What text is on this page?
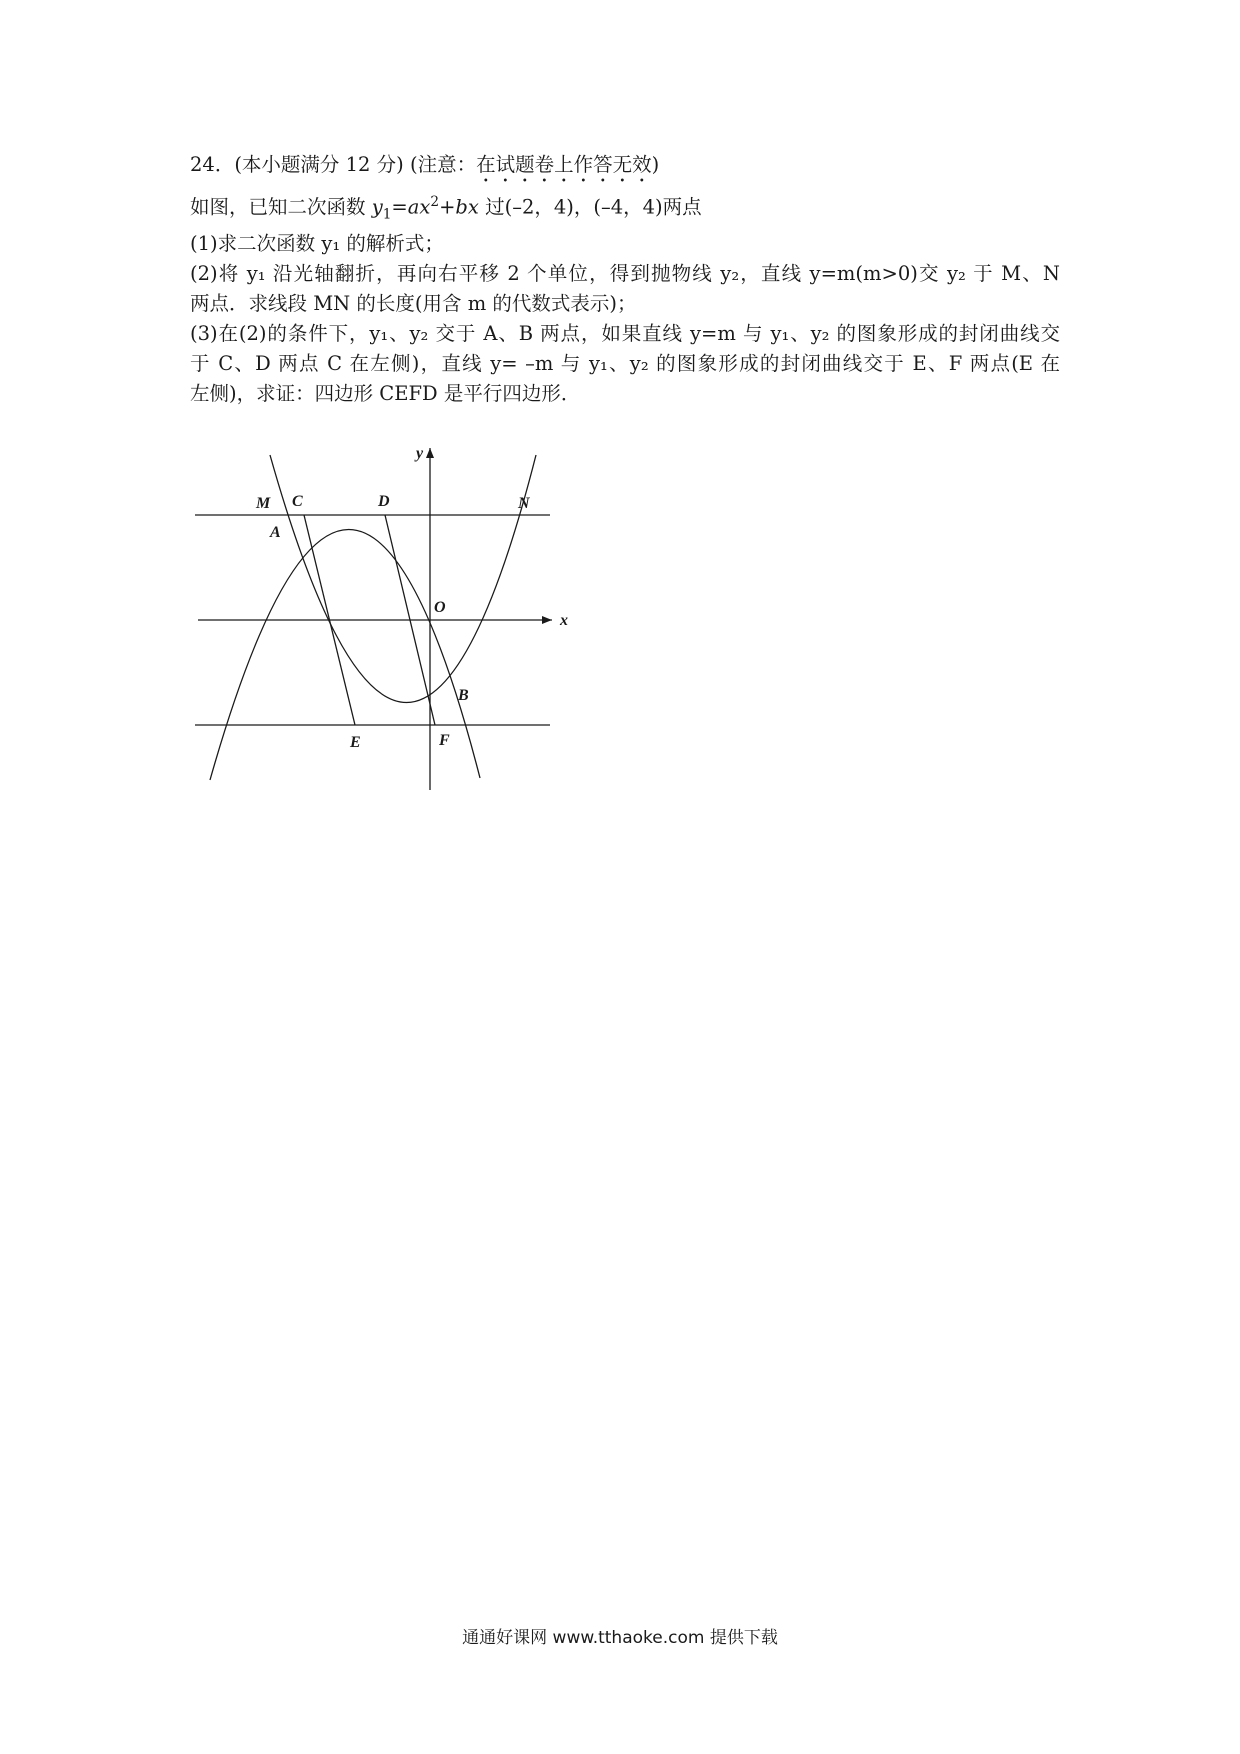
24．(本小题满分 12 分) (注意：在试题卷上作答无效)
如图，已知二次函数 $y_1=ax^2+bx$ 过(–2，4)，(–4，4)两点
(1)求二次函数 y₁ 的解析式；
(2)将 y₁ 沿光轴翻折，再向右平移 2 个单位，得到抛物线 y₂，直线 y=m(m>0)交 y₂ 于 M、N
两点．求线段 MN 的长度(用含 m 的代数式表示)；
(3)在(2)的条件下，y₁、y₂ 交于 A、B 两点，如果直线 y=m 与 y₁、y₂ 的图象形成的封闭曲线交
于 C、D 两点 C 在左侧)，直线 y= –m 与 y₁、y₂ 的图象形成的封闭曲线交于 E、F 两点(E 在
左侧)，求证：四边形 CEFD 是平行四边形．
x
y
O
M C	D	N
A
B
E	F
通通好课网 www.tthaoke.com 提供下载
